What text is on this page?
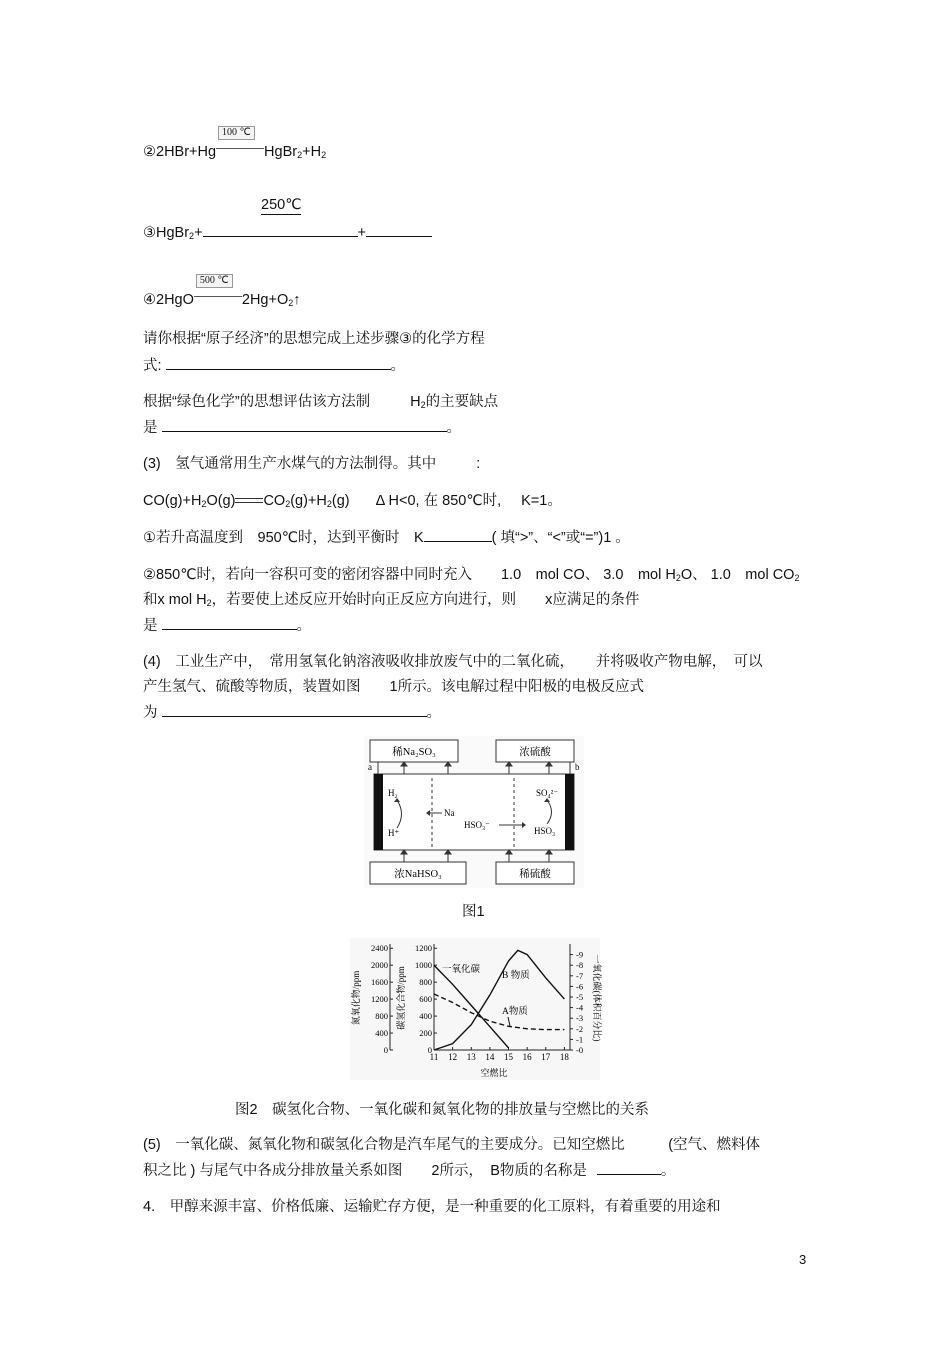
②2HBr+Hg
100 ℃
$HgBr_2+H_2$
250℃
③HgBr$_2$+	+
④2HgO
500 ℃
$2Hg+O_2↑$
请你根据“原子经济”的思想完成上述步骤③的化学方程
式:	。
根据“绿色化学”的思想评估该方法制	$H_2$的主要缺点
是	。
(3)　氢气通常用生产水煤气的方法制得。其中	:
$CO(g)+H_2O(g)$ $CO_2(g)+H_2(g)$ Δ H<0, 在 850℃时, K=1。
①若升高温度到　950℃时，达到平衡时　K	( 填“>”、“<”或“=”)1 。
②850℃时，若向一容积可变的密闭容器中同时充入　　1.0　mol CO、 3.0　mol $H_2O$、 1.0　mol $CO_2$
和x mol $H_2$，若要使上述反应开始时向正反应方向进行，则　　x应满足的条件
是	。
(4)　工业生产中，　常用氢氧化钠溶液吸收排放废气中的二氧化硫，　　并将吸收产物电解，　可以
产生氢气、硫酸等物质，装置如图　　1所示。该电解过程中阳极的电极反应式
为	。
稀Na₂SO₃	浓硫酸
a	b
H₂
H⁺
Na
HSO₃⁻
SO₄²⁻
HSO₃
浓NaHSO₃	稀硫酸
图1
11 12 13 14 15 16 17 18
空燃比
2400
2000
1600
1200
800
400
0
氮氧化物/ppm
1200
1000
800
600
400
200
0
碳氢化合物/ppm
-9
-8
-7
-6
-5
-4
-3
-2
-1
-0
一氧化碳(体积百分比)
一氧化碳
B 物质
A物质
图2　碳氢化合物、一氧化碳和氮氧化物的排放量与空燃比的关系
(5)　一氧化碳、氮氧化物和碳氢化合物是汽车尾气的主要成分。已知空燃比　　　(空气、燃料体
积之比 ) 与尾气中各成分排放量关系如图　　2所示，　B物质的名称是	。
4.　甲醇来源丰富、价格低廉、运输贮存方便，是一种重要的化工原料，有着重要的用途和
3
